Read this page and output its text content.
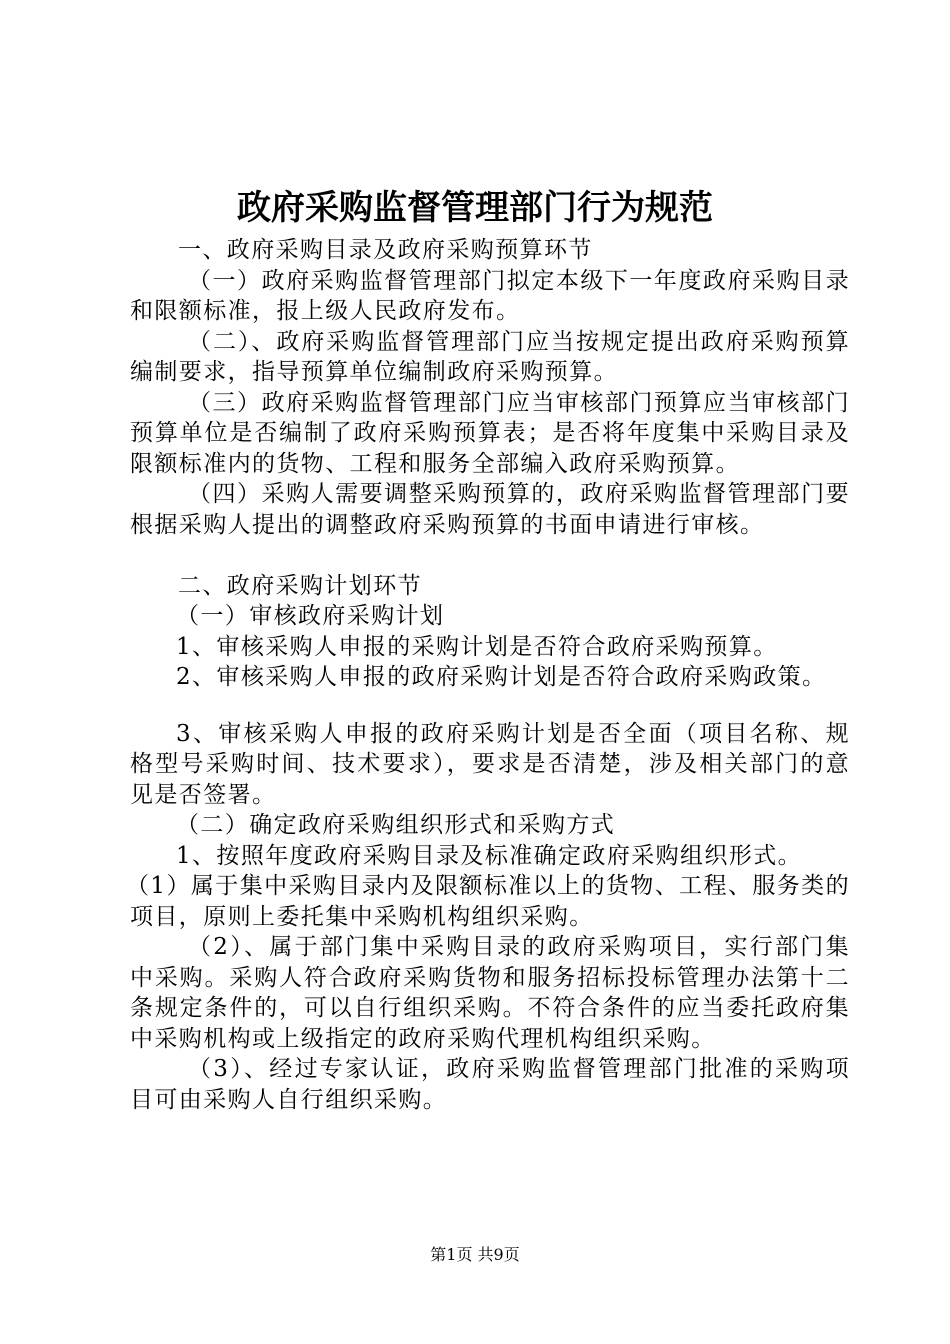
政府采购监督管理部门行为规范

一、政府采购目录及政府采购预算环节

（一）政府采购监督管理部门拟定本级下一年度政府采购目录和限额标准，报上级人民政府发布。

（二）、政府采购监督管理部门应当按规定提出政府采购预算编制要求，指导预算单位编制政府采购预算。

（三）政府采购监督管理部门应当审核部门预算应当审核部门预算单位是否编制了政府采购预算表；是否将年度集中采购目录及限额标准内的货物、工程和服务全部编入政府采购预算。

（四）采购人需要调整采购预算的，政府采购监督管理部门要根据采购人提出的调整政府采购预算的书面申请进行审核。

二、政府采购计划环节

（一）审核政府采购计划

1、审核采购人申报的采购计划是否符合政府采购预算。

2、审核采购人申报的政府采购计划是否符合政府采购政策。

3、审核采购人申报的政府采购计划是否全面（项目名称、规格型号采购时间、技术要求），要求是否清楚，涉及相关部门的意见是否签署。

（二）确定政府采购组织形式和采购方式

1、按照年度政府采购目录及标准确定政府采购组织形式。

（1）属于集中采购目录内及限额标准以上的货物、工程、服务类的项目，原则上委托集中采购机构组织采购。

（2）、属于部门集中采购目录的政府采购项目，实行部门集中采购。采购人符合政府采购货物和服务招标投标管理办法第十二条规定条件的，可以自行组织采购。不符合条件的应当委托政府集中采购机构或上级指定的政府采购代理机构组织采购。

（3）、经过专家认证，政府采购监督管理部门批准的采购项目可由采购人自行组织采购。

第1页 共9页
